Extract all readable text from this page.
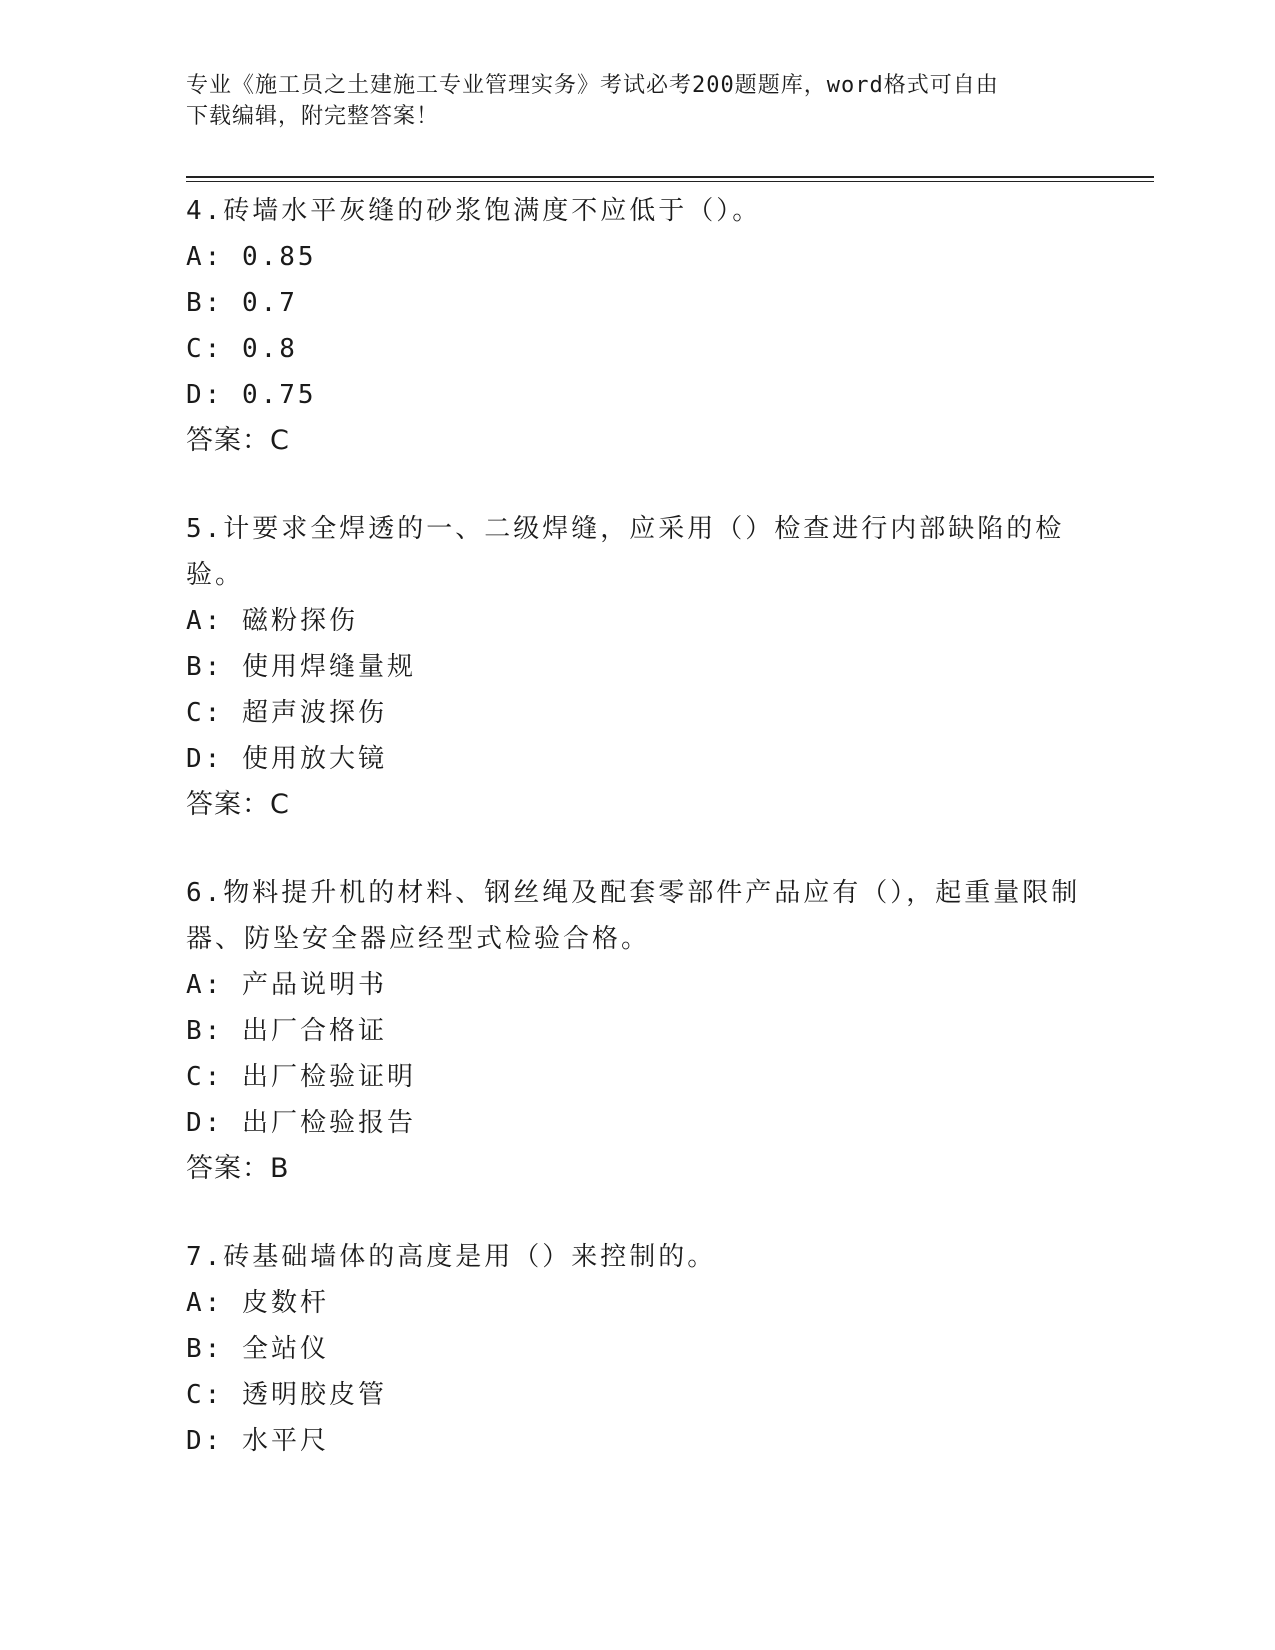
专业《施工员之土建施工专业管理实务》考试必考200题题库，word格式可自由
下载编辑，附完整答案！
4.砖墙水平灰缝的砂浆饱满度不应低于（）。
A: 0.85
B: 0.7
C: 0.8
D: 0.75
答案：C
5.计要求全焊透的一、二级焊缝，应采用（）检查进行内部缺陷的检验。
A: 磁粉探伤
B: 使用焊缝量规
C: 超声波探伤
D: 使用放大镜
答案：C
6.物料提升机的材料、钢丝绳及配套零部件产品应有（），起重量限制器、防坠安全器应经型式检验合格。
A: 产品说明书
B: 出厂合格证
C: 出厂检验证明
D: 出厂检验报告
答案：B
7.砖基础墙体的高度是用（）来控制的。
A: 皮数杆
B: 全站仪
C: 透明胶皮管
D: 水平尺
